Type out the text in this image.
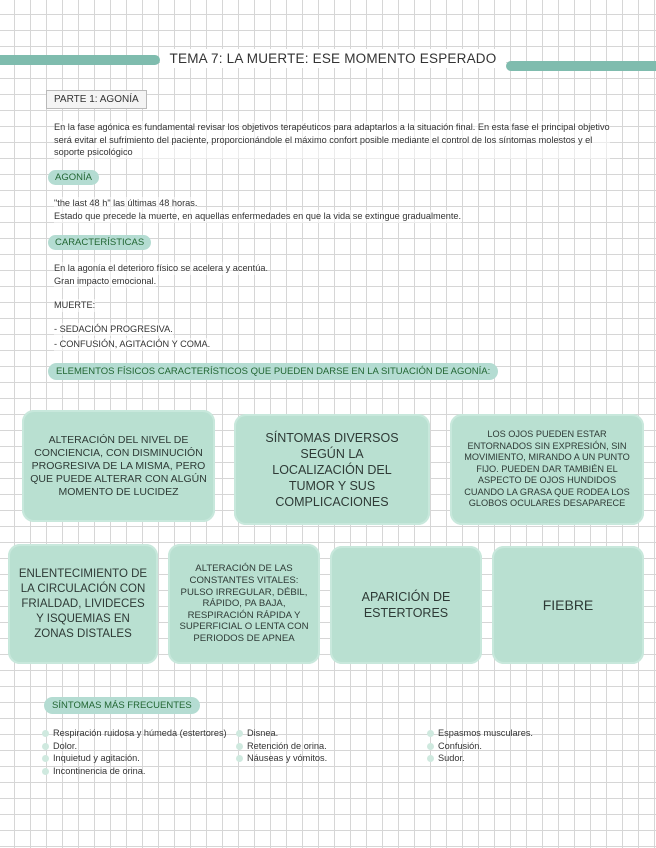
TEMA 7: LA MUERTE: ESE MOMENTO ESPERADO
PARTE 1: AGONÍA
En la fase agónica es fundamental revisar los objetivos terapéuticos para adaptarlos a la situación final. En esta fase el principal objetivo será evitar el sufrimiento del paciente, proporcionándole el máximo confort posible mediante el control de los síntomas molestos y el soporte psicológico
AGONÍA
"the last 48 h" las últimas 48 horas.
Estado que precede la muerte, en aquellas enfermedades en que la vida se extingue gradualmente.
CARACTERÍSTICAS
En la agonía el deterioro físico se acelera y acentúa.
Gran impacto emocional.
MUERTE:
- SEDACIÓN PROGRESIVA.
- CONFUSIÓN, AGITACIÓN Y COMA.
ELEMENTOS FÍSICOS CARACTERÍSTICOS QUE PUEDEN DARSE EN LA SITUACIÓN DE AGONÍA:
ALTERACIÓN DEL NIVEL DE CONCIENCIA, CON DISMINUCIÓN PROGRESIVA DE LA MISMA, PERO QUE PUEDE ALTERAR CON ALGÚN MOMENTO DE LUCIDEZ
SÍNTOMAS DIVERSOS SEGÚN LA LOCALIZACIÓN DEL TUMOR Y SUS COMPLICACIONES
LOS OJOS PUEDEN ESTAR ENTORNADOS SIN EXPRESIÓN, SIN MOVIMIENTO, MIRANDO A UN PUNTO FIJO. PUEDEN DAR TAMBIÉN EL ASPECTO DE OJOS HUNDIDOS CUANDO LA GRASA QUE RODEA LOS GLOBOS OCULARES DESAPARECE
ENLENTECIMIENTO DE LA CIRCULACIÓN CON FRIALDAD, LIVIDECES Y ISQUEMIAS EN ZONAS DISTALES
ALTERACIÓN DE LAS CONSTANTES VITALES: PULSO IRREGULAR, DÉBIL, RÁPIDO, PA BAJA, RESPIRACIÓN RÁPIDA Y SUPERFICIAL O LENTA CON PERIODOS DE APNEA
APARICIÓN DE ESTERTORES
FIEBRE
SÍNTOMAS MÁS FRECUENTES
Respiración ruidosa y húmeda (estertores)
Dolor.
Inquietud y agitación.
Incontinencia de orina.
Disnea.
Retención de orina.
Náuseas y vómitos.
Espasmos musculares.
Confusión.
Sudor.
